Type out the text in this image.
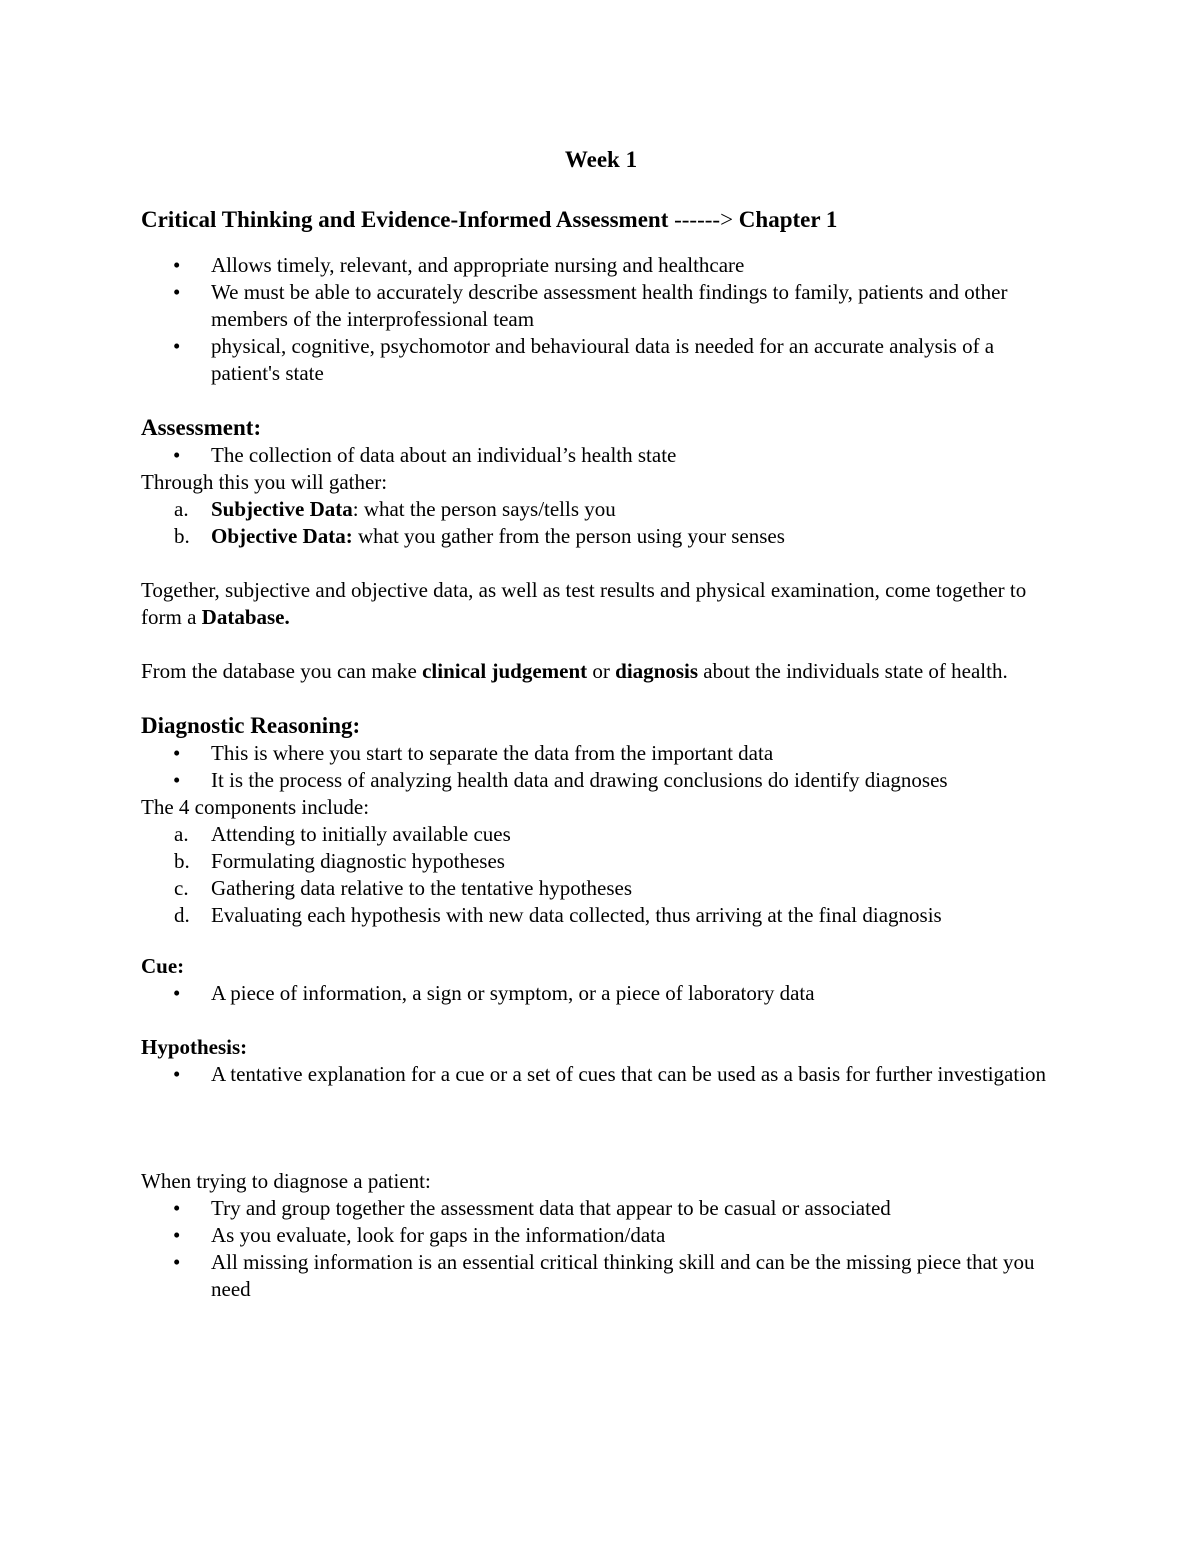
Week 1
Critical Thinking and Evidence-Informed Assessment ------> Chapter 1
• Allows timely, relevant, and appropriate nursing and healthcare
• We must be able to accurately describe assessment health findings to family, patients and other members of the interprofessional team
• physical, cognitive, psychomotor and behavioural data is needed for an accurate analysis of a patient's state
Assessment:
• The collection of data about an individual’s health state

Through this you will gather:

a. Subjective Data: what the person says/tells you
b. Objective Data: what you gather from the person using your senses

Together, subjective and objective data, as well as test results and physical examination, come together to form a Database.

From the database you can make clinical judgement or diagnosis about the individuals state of health.

Diagnostic Reasoning:
• This is where you start to separate the data from the important data
• It is the process of analyzing health data and drawing conclusions do identify diagnoses

The 4 components include:

a. Attending to initially available cues
b. Formulating diagnostic hypotheses
c. Gathering data relative to the tentative hypotheses
d. Evaluating each hypothesis with new data collected, thus arriving at the final diagnosis
Cue:
• A piece of information, a sign or symptom, or a piece of laboratory data
Hypothesis:
• A tentative explanation for a cue or a set of cues that can be used as a basis for further investigation

When trying to diagnose a patient:

• Try and group together the assessment data that appear to be casual or associated
• As you evaluate, look for gaps in the information/data
• All missing information is an essential critical thinking skill and can be the missing piece that you need
